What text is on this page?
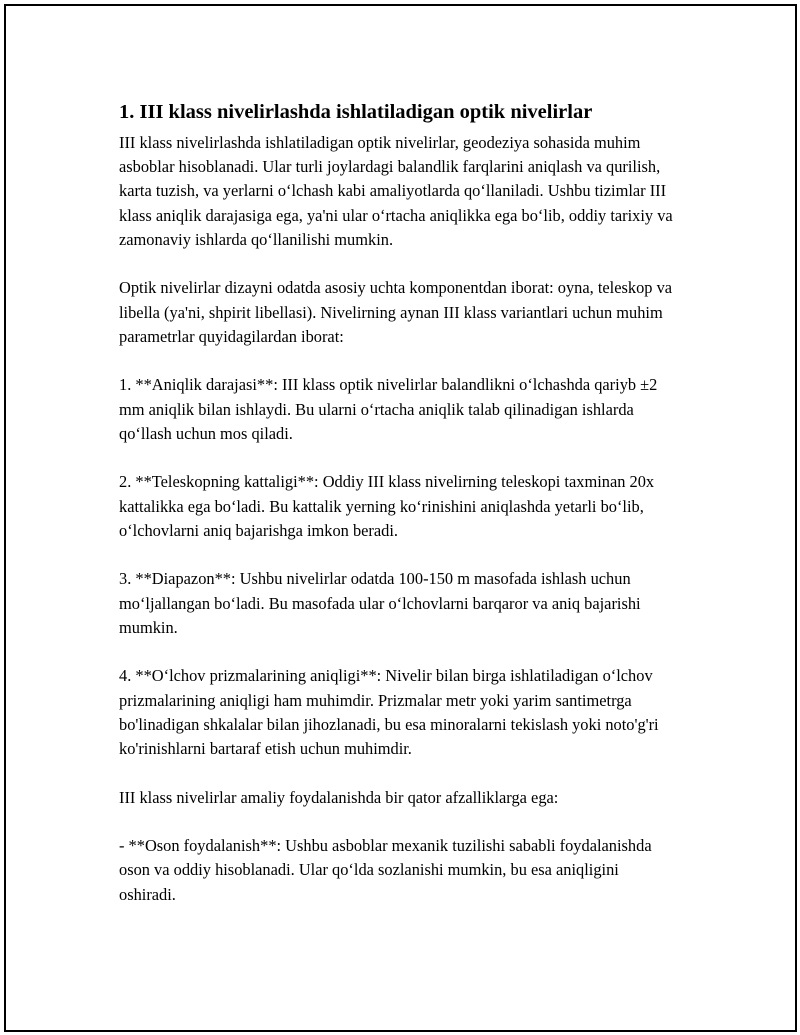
1. III klass nivelirlashda ishlatiladigan optik nivelirlar

III klass nivelirlashda ishlatiladigan optik nivelirlar, geodeziya sohasida muhim asboblar hisoblanadi. Ular turli joylardagi balandlik farqlarini aniqlash va qurilish, karta tuzish, va yerlarni o‘lchash kabi amaliyotlarda qo‘llaniladi. Ushbu tizimlar III klass aniqlik darajasiga ega, ya'ni ular o‘rtacha aniqlikka ega bo‘lib, oddiy tarixiy va zamonaviy ishlarda qo‘llanilishi mumkin.

Optik nivelirlar dizayni odatda asosiy uchta komponentdan iborat: oyna, teleskop va libella (ya'ni, shpirit libellasi). Nivelirning aynan III klass variantlari uchun muhim parametrlar quyidagilardan iborat:

1. **Aniqlik darajasi**: III klass optik nivelirlar balandlikni o‘lchashda qariyb ±2 mm aniqlik bilan ishlaydi. Bu ularni o‘rtacha aniqlik talab qilinadigan ishlarda qo‘llash uchun mos qiladi.

2. **Teleskopning kattaligi**: Oddiy III klass nivelirning teleskopi taxminan 20x kattalikka ega bo‘ladi. Bu kattalik yerning ko‘rinishini aniqlashda yetarli bo‘lib, o‘lchovlarni aniq bajarishga imkon beradi.

3. **Diapazon**: Ushbu nivelirlar odatda 100-150 m masofada ishlash uchun mo‘ljallangan bo‘ladi. Bu masofada ular o‘lchovlarni barqaror va aniq bajarishi mumkin.

4. **O‘lchov prizmalarining aniqligi**: Nivelir bilan birga ishlatiladigan o‘lchov prizmalarining aniqligi ham muhimdir. Prizmalar metr yoki yarim santimetrga bo'linadigan shkalalar bilan jihozlanadi, bu esa minoralarni tekislash yoki noto'g'ri ko'rinishlarni bartaraf etish uchun muhimdir.

III klass nivelirlar amaliy foydalanishda bir qator afzalliklarga ega:

- **Oson foydalanish**: Ushbu asboblar mexanik tuzilishi sababli foydalanishda oson va oddiy hisoblanadi. Ular qo‘lda sozlanishi mumkin, bu esa aniqligini oshiradi.
